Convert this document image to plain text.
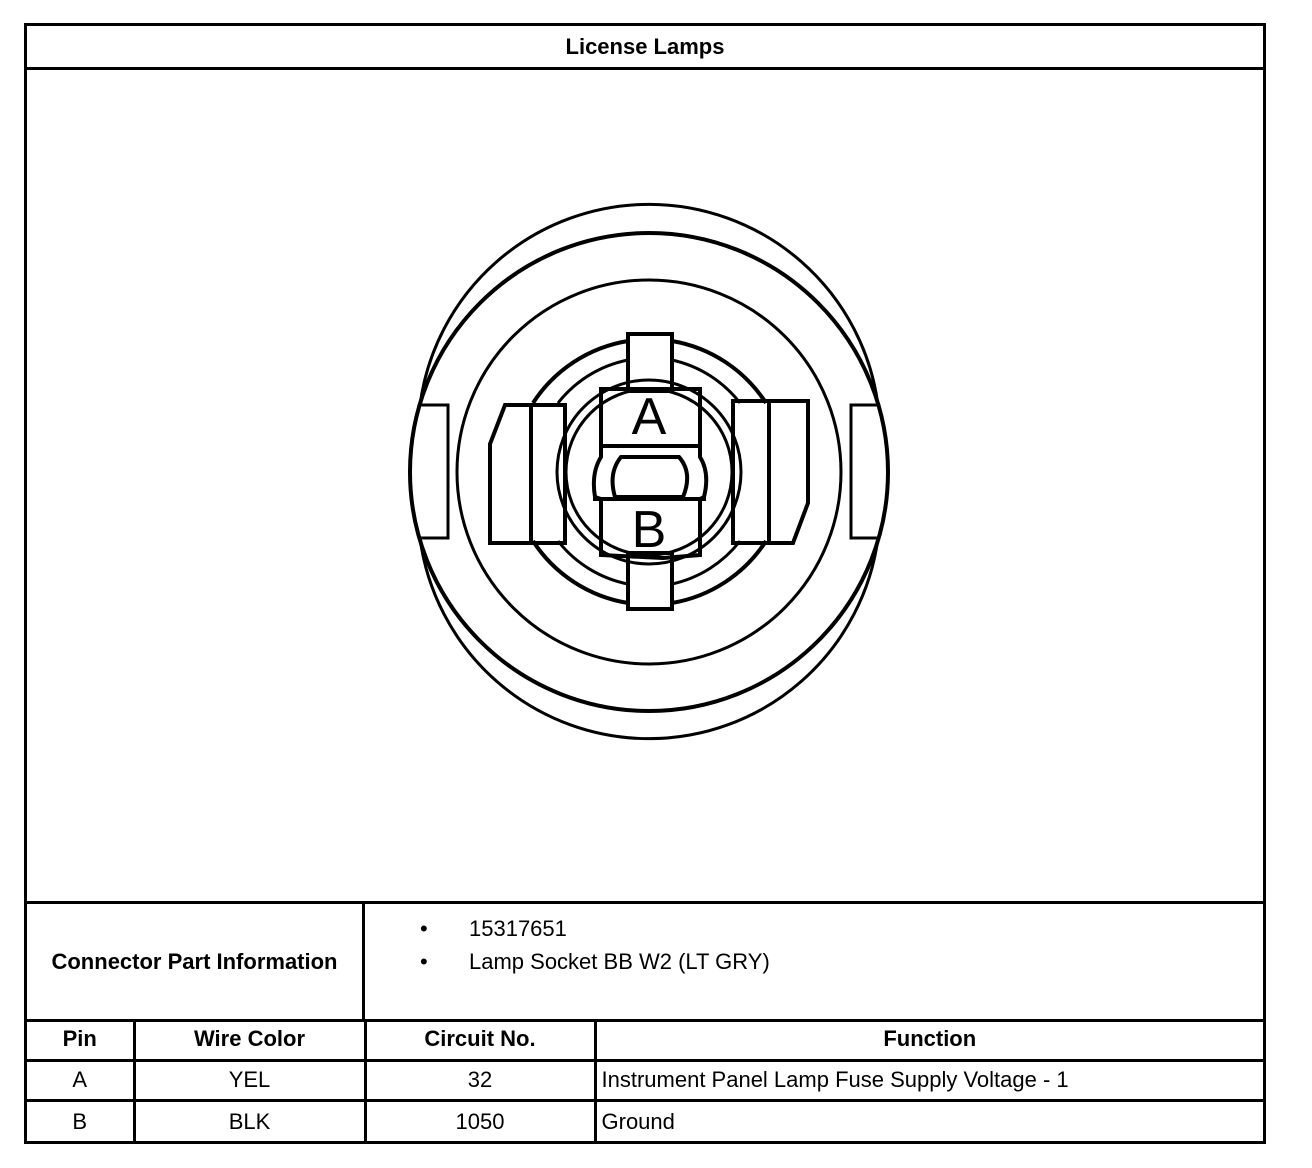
License Lamps
A
B
Connector Part Information
• 15317651
• Lamp Socket BB W2 (LT GRY)
Pin	Wire Color	Circuit No.	Function
A	YEL	32	Instrument Panel Lamp Fuse Supply Voltage - 1
B	BLK	1050	Ground
